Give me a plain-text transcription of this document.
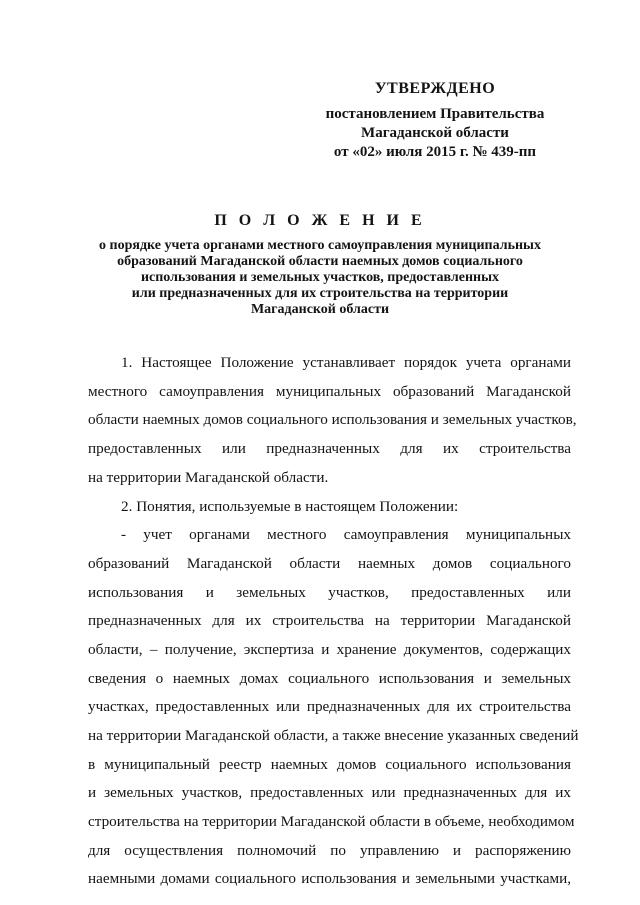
УТВЕРЖДЕНО
постановлением Правительства
Магаданской области
от «02» июля 2015 г. № 439-пп
П О Л О Ж Е Н И Е
о порядке учета органами местного самоуправления муниципальных
образований Магаданской области наемных домов социального
использования и земельных участков, предоставленных
или предназначенных для их строительства на территории
Магаданской области
1. Настоящее Положение устанавливает порядок учета органами
местного самоуправления муниципальных образований Магаданской
области наемных домов социального использования и земельных участков,
предоставленных или предназначенных для их строительства
на территории Магаданской области.
2. Понятия, используемые в настоящем Положении:
- учет органами местного самоуправления муниципальных
образований Магаданской области наемных домов социального
использования и земельных участков, предоставленных или
предназначенных для их строительства на территории Магаданской
области, – получение, экспертиза и хранение документов, содержащих
сведения о наемных домах социального использования и земельных
участках, предоставленных или предназначенных для их строительства
на территории Магаданской области, а также внесение указанных сведений
в муниципальный реестр наемных домов социального использования
и земельных участков, предоставленных или предназначенных для их
строительства на территории Магаданской области в объеме, необходимом
для осуществления полномочий по управлению и распоряжению
наемными домами социального использования и земельными участками,
